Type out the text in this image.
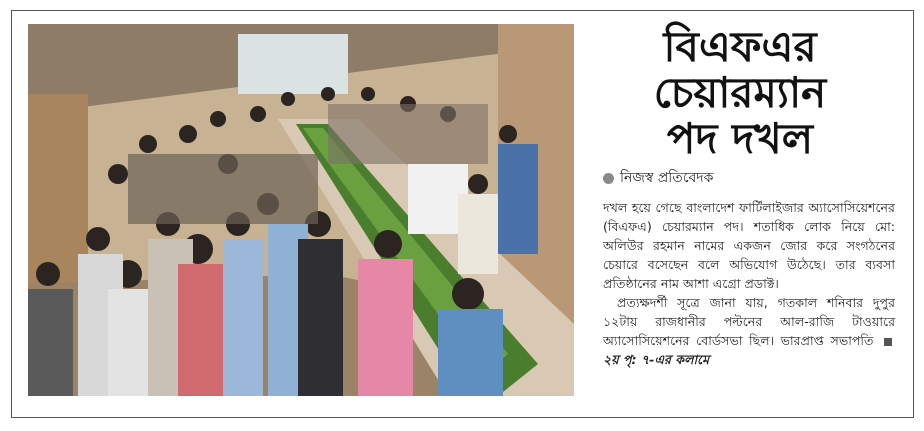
বিএফএর
চেয়ারম্যান
পদ দখল
নিজস্ব প্রতিবেদক

দখল হয়ে গেছে বাংলাদেশ ফার্টিলাইজার অ্যাসোসিয়েশনের (বিএফএ) চেয়ারম্যান পদ। শতাধিক লোক নিয়ে মো: অলিউর রহমান নামের একজন জোর করে সংগঠনের চেয়ারে বসেছেন বলে অভিযোগ উঠেছে। তার ব্যবসা প্রতিষ্ঠানের নাম আশা এগ্রো প্রডাক্ট।

প্রত্যক্ষদর্শী সূত্রে জানা যায়, গতকাল শনিবার দুপুর ১২টায় রাজধানীর পল্টনের আল-রাজি টাওয়ারে অ্যাসোসিয়েশনের বোর্ডসভা ছিল। ভারপ্রাপ্ত সভাপতি  ২য় পৃ: ৭-এর কলামে
